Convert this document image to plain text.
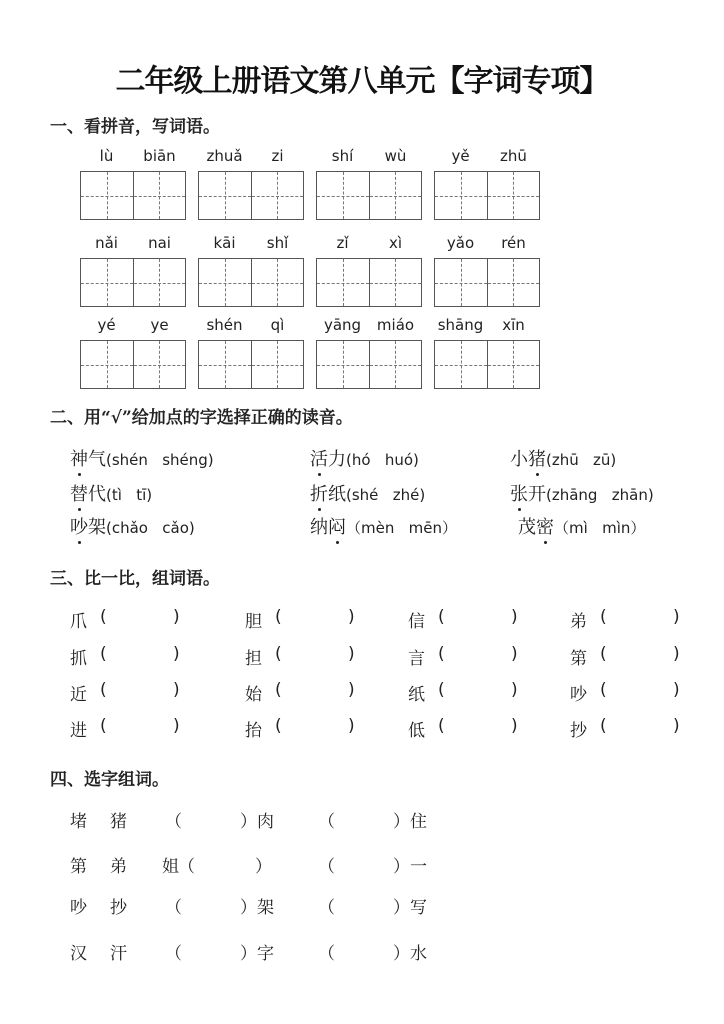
二年级上册语文第八单元【字词专项】
一、看拼音，写词语。
lù	biān	zhuǎ	zi	shí	wù	yě	zhū
nǎi	nai	kāi	shǐ	zǐ	xì	yǎo	rén
yé	ye	shén	qì	yāng	miáo	shāng	xīn
二、用“√”给加点的字选择正确的读音。
神气(shén   shéng)	活力(hó   huó)	小猪(zhū   zū)
替代(tì   tī)	折纸(shé   zhé)	张开(zhāng   zhān)
吵架(chǎo   cǎo)	纳闷（mèn   mēn）	茂密（mì   mìn）
三、比一比，组词语。
爪 (	)	胆 (	)	信 (	)	弟 (	)
抓 (	)	担 (	)	言 (	)	第 (	)
近 (	)	始 (	)	纸 (	)	吵 (	)
进 (	)	抬 (	)	低 (	)	抄 (	)
四、选字组词。
堵 猪 （	）肉	（	）住
第 弟 姐 （	）	（	）一
吵 抄 （	）架	（	）写
汉 汗 （	）字	（	）水
